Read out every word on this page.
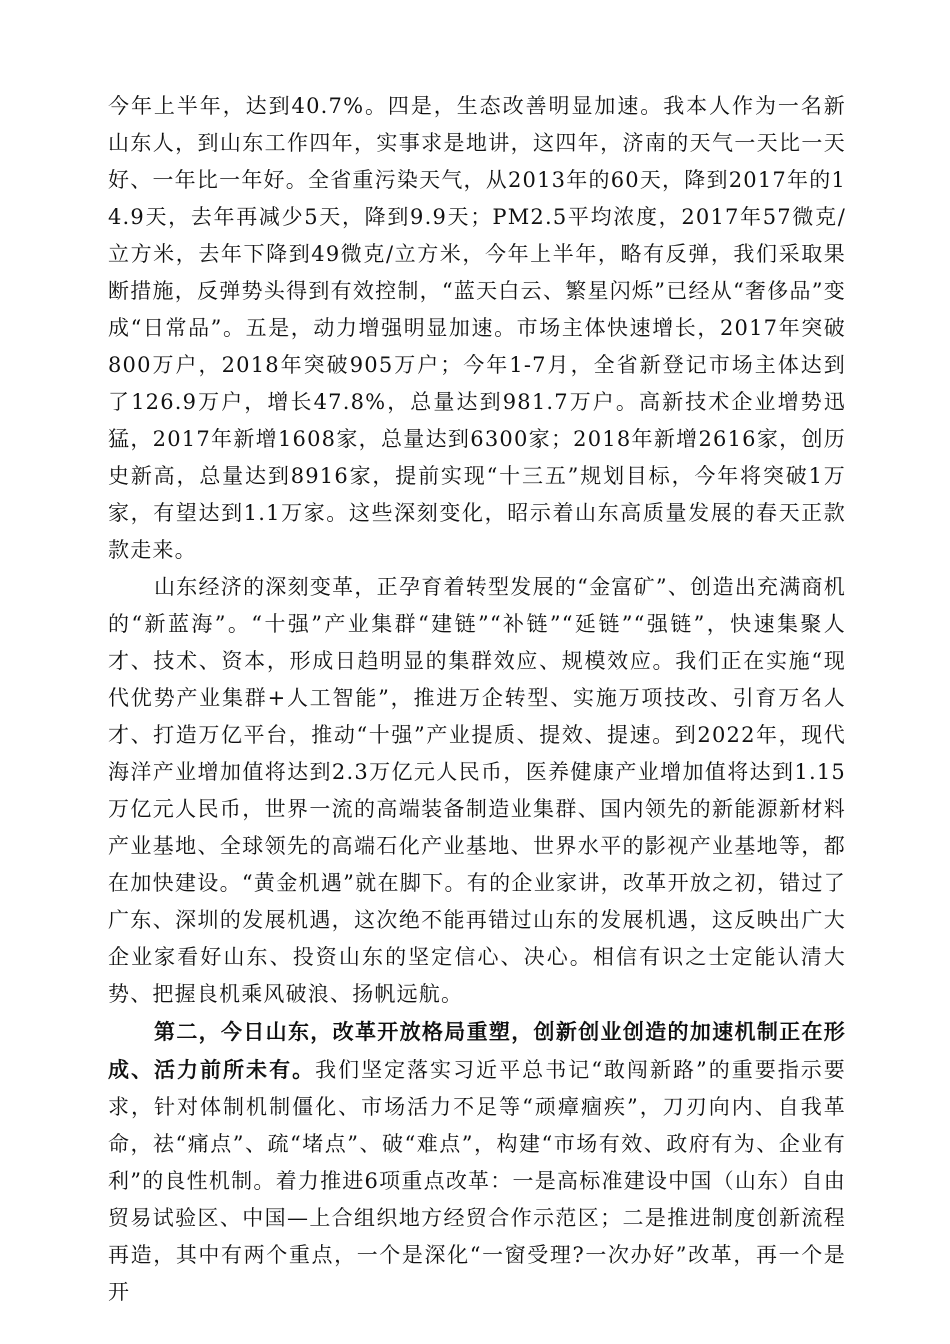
今年上半年，达到40.7%。四是，生态改善明显加速。我本人作为一名新山东人，到山东工作四年，实事求是地讲，这四年，济南的天气一天比一天好、一年比一年好。全省重污染天气，从2013年的60天，降到2017年的14.9天，去年再减少5天，降到9.9天；PM2.5平均浓度，2017年57微克/立方米，去年下降到49微克/立方米，今年上半年，略有反弹，我们采取果断措施，反弹势头得到有效控制，“蓝天白云、繁星闪烁”已经从“奢侈品”变成“日常品”。五是，动力增强明显加速。市场主体快速增长，2017年突破800万户，2018年突破905万户；今年1-7月，全省新登记市场主体达到了126.9万户，增长47.8%，总量达到981.7万户。高新技术企业增势迅猛，2017年新增1608家，总量达到6300家；2018年新增2616家，创历史新高，总量达到8916家，提前实现“十三五”规划目标，今年将突破1万家，有望达到1.1万家。这些深刻变化，昭示着山东高质量发展的春天正款款走来。

山东经济的深刻变革，正孕育着转型发展的“金富矿”、创造出充满商机的“新蓝海”。“十强”产业集群“建链”“补链”“延链”“强链”，快速集聚人才、技术、资本，形成日趋明显的集群效应、规模效应。我们正在实施“现代优势产业集群+人工智能”，推进万企转型、实施万项技改、引育万名人才、打造万亿平台，推动“十强”产业提质、提效、提速。到2022年，现代海洋产业增加值将达到2.3万亿元人民币，医养健康产业增加值将达到1.15万亿元人民币，世界一流的高端装备制造业集群、国内领先的新能源新材料产业基地、全球领先的高端石化产业基地、世界水平的影视产业基地等，都在加快建设。“黄金机遇”就在脚下。有的企业家讲，改革开放之初，错过了广东、深圳的发展机遇，这次绝不能再错过山东的发展机遇，这反映出广大企业家看好山东、投资山东的坚定信心、决心。相信有识之士定能认清大势、把握良机乘风破浪、扬帆远航。

第二，今日山东，改革开放格局重塑，创新创业创造的加速机制正在形成、活力前所未有。我们坚定落实习近平总书记“敢闯新路”的重要指示要求，针对体制机制僵化、市场活力不足等“顽瘴痼疾”，刀刃向内、自我革命，祛“痛点”、疏“堵点”、破“难点”，构建“市场有效、政府有为、企业有利”的良性机制。着力推进6项重点改革：一是高标准建设中国（山东）自由贸易试验区、中国—上合组织地方经贸合作示范区；二是推进制度创新流程再造，其中有两个重点，一个是深化“一窗受理?一次办好”改革，再一个是开
